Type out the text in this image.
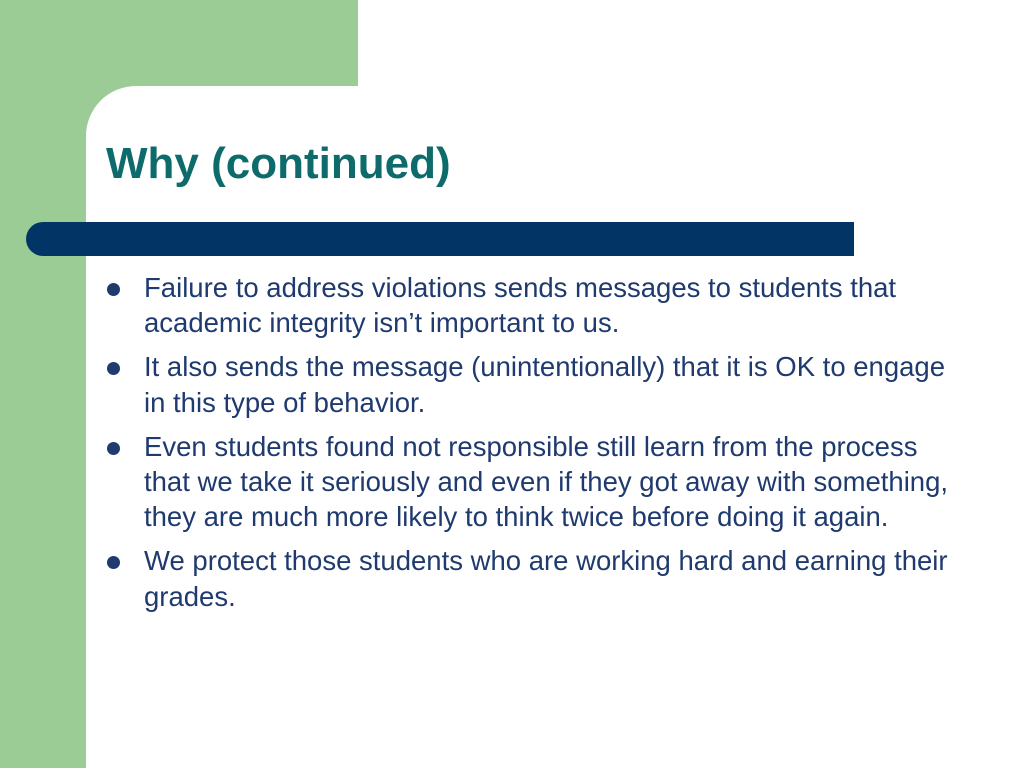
Why (continued)
Failure to address violations sends messages to students that academic integrity isn’t important to us.
It also sends the message (unintentionally) that it is OK to engage in this type of behavior.
Even students found not responsible still learn from the process that we take it seriously and even if they got away with something, they are much more likely to think twice before doing it again.
We protect those students who are working hard and earning their grades.
